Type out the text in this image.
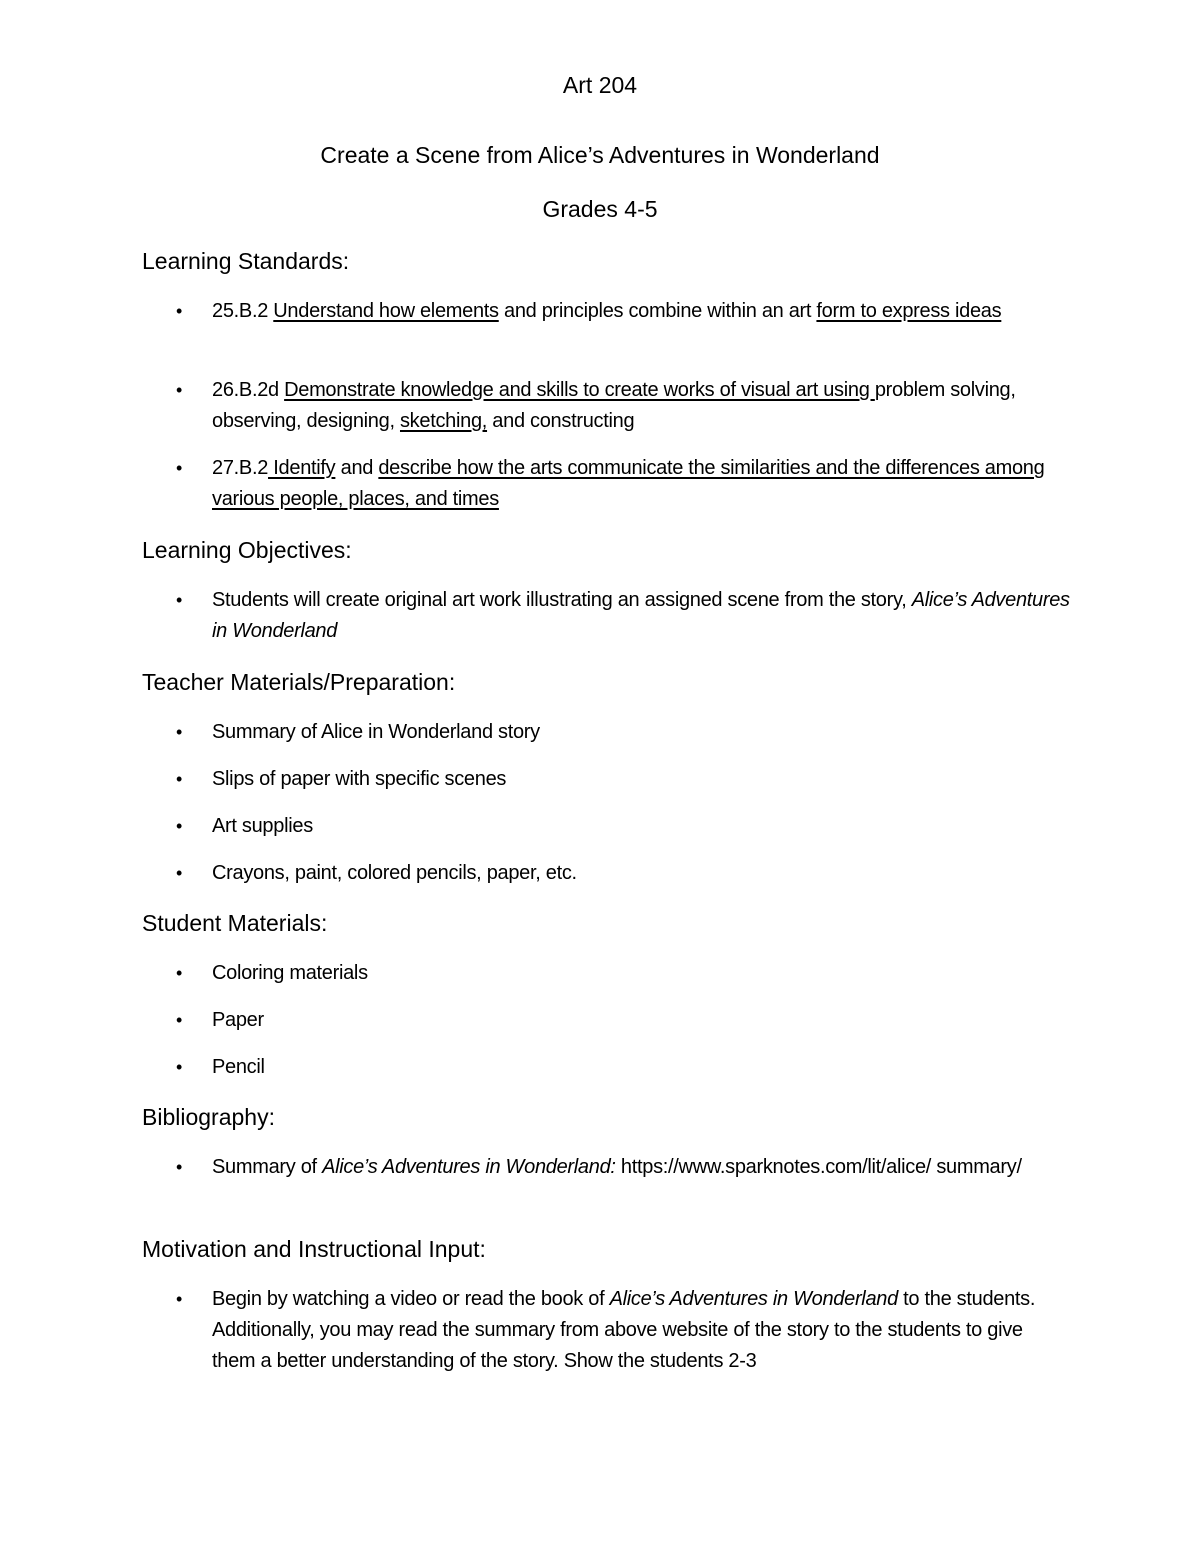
Art 204
Create a Scene from Alice’s Adventures in Wonderland
Grades 4-5
Learning Standards:
• 25.B.2 Understand how elements and principles combine within an art form to express ideas
• 26.B.2d Demonstrate knowledge and skills to create works of visual art using problem solving, observing, designing, sketching, and constructing
• 27.B.2 Identify and describe how the arts communicate the similarities and the differences among various people, places, and times
Learning Objectives:
• Students will create original art work illustrating an assigned scene from the story, Alice’s Adventures in Wonderland
Teacher Materials/Preparation:
• Summary of Alice in Wonderland story
• Slips of paper with specific scenes
• Art supplies
• Crayons, paint, colored pencils, paper, etc.
Student Materials:
• Coloring materials
• Paper
• Pencil
Bibliography:
• Summary of Alice’s Adventures in Wonderland: https://www.sparknotes.com/lit/alice/ summary/
Motivation and Instructional Input:
• Begin by watching a video or read the book of Alice’s Adventures in Wonderland to the students. Additionally, you may read the summary from above website of the story to the students to give them a better understanding of the story. Show the students 2-3
